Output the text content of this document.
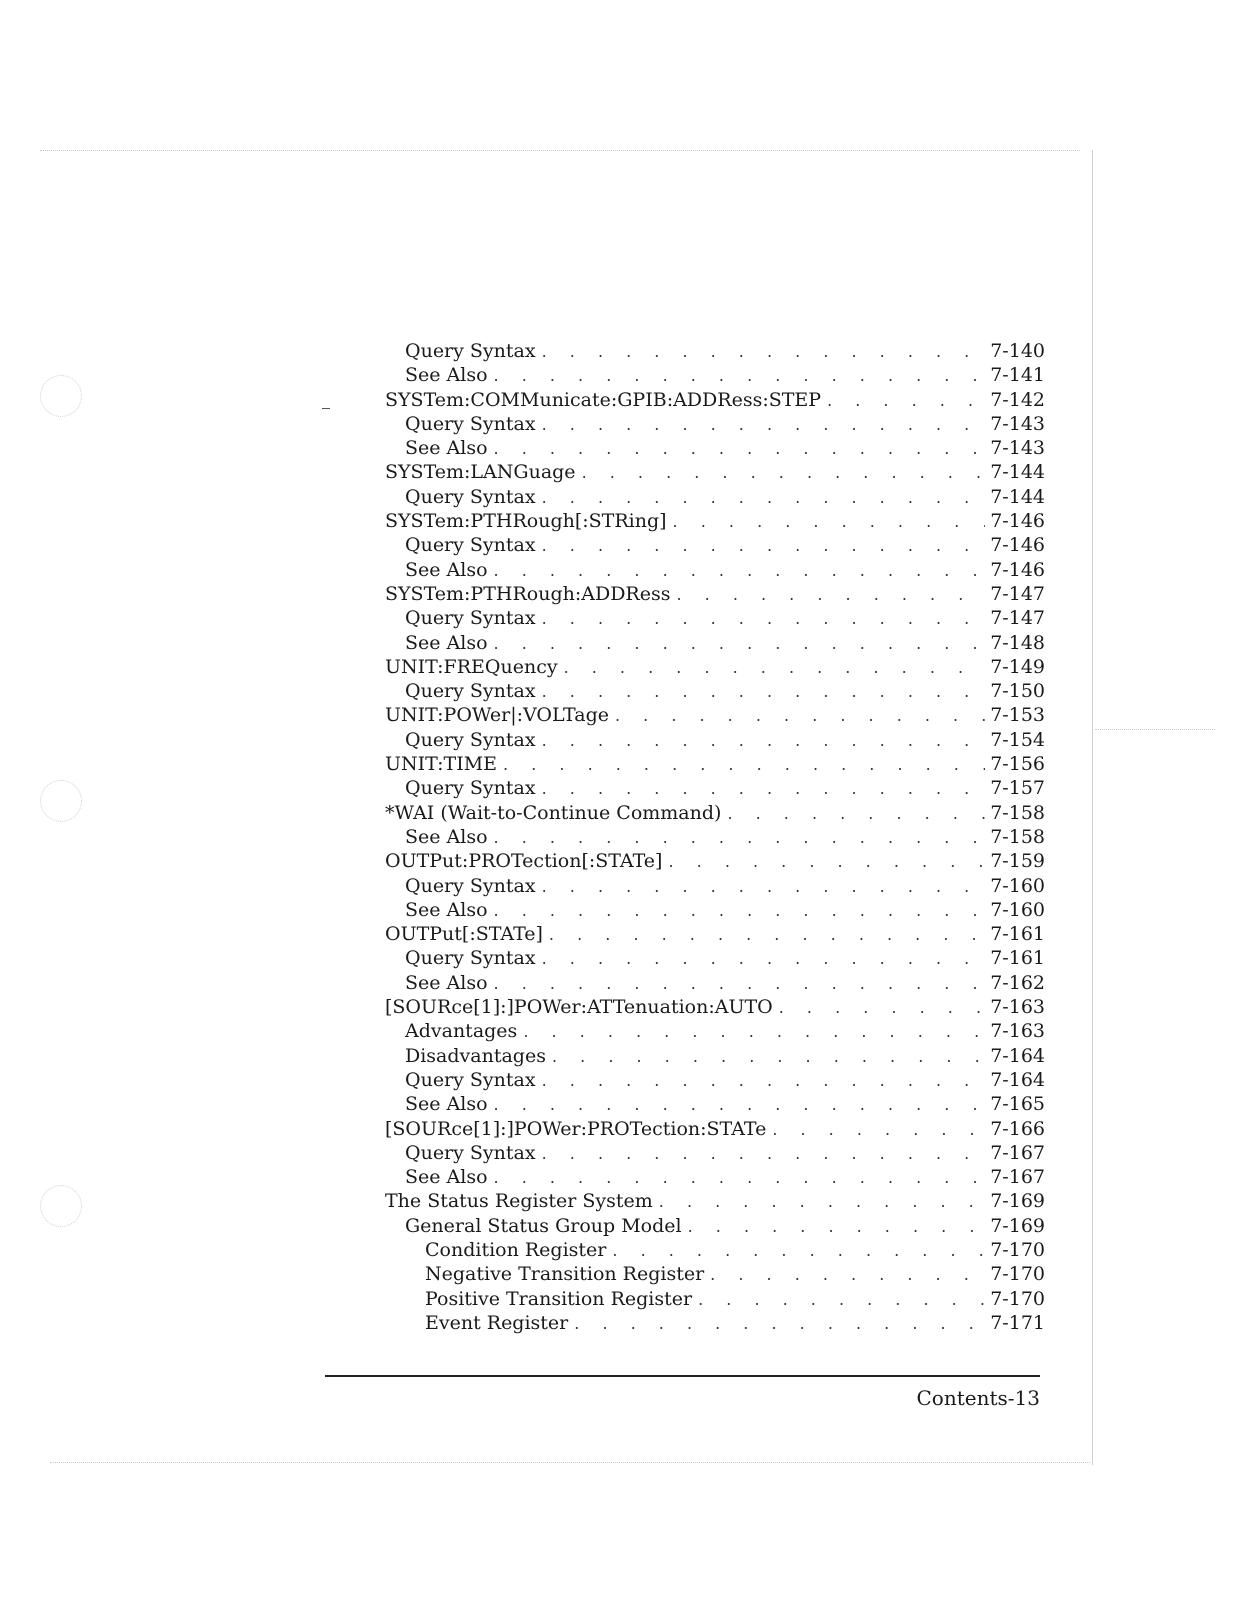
Query Syntax . . .	7-140
See Also . . .	7-141
SYSTem:COMMunicate:GPIB:ADDRess:STEP . . .	7-142
Query Syntax . . .	7-143
See Also . . .	7-143
SYSTem:LANGuage . . .	7-144
Query Syntax . . .	7-144
SYSTem:PTHRough[:STRing] . . .	7-146
Query Syntax . . .	7-146
See Also . . .	7-146
SYSTem:PTHRough:ADDRess . . .	7-147
Query Syntax . . .	7-147
See Also . . .	7-148
UNIT:FREQuency . . .	7-149
Query Syntax . . .	7-150
UNIT:POWer|:VOLTage . . .	7-153
Query Syntax . . .	7-154
UNIT:TIME . . .	7-156
Query Syntax . . .	7-157
*WAI (Wait-to-Continue Command) . . .	7-158
See Also . . .	7-158
OUTPut:PROTection[:STATe] . . .	7-159
Query Syntax . . .	7-160
See Also . . .	7-160
OUTPut[:STATe] . . .	7-161
Query Syntax . . .	7-161
See Also . . .	7-162
[SOURce[1]:]POWer:ATTenuation:AUTO . . .	7-163
Advantages . . .	7-163
Disadvantages . . .	7-164
Query Syntax . . .	7-164
See Also . . .	7-165
[SOURce[1]:]POWer:PROTection:STATe . . .	7-166
Query Syntax . . .	7-167
See Also . . .	7-167
The Status Register System . . .	7-169
General Status Group Model . . .	7-169
Condition Register . . .	7-170
Negative Transition Register . . .	7-170
Positive Transition Register . . .	7-170
Event Register . . .	7-171
Contents-13
